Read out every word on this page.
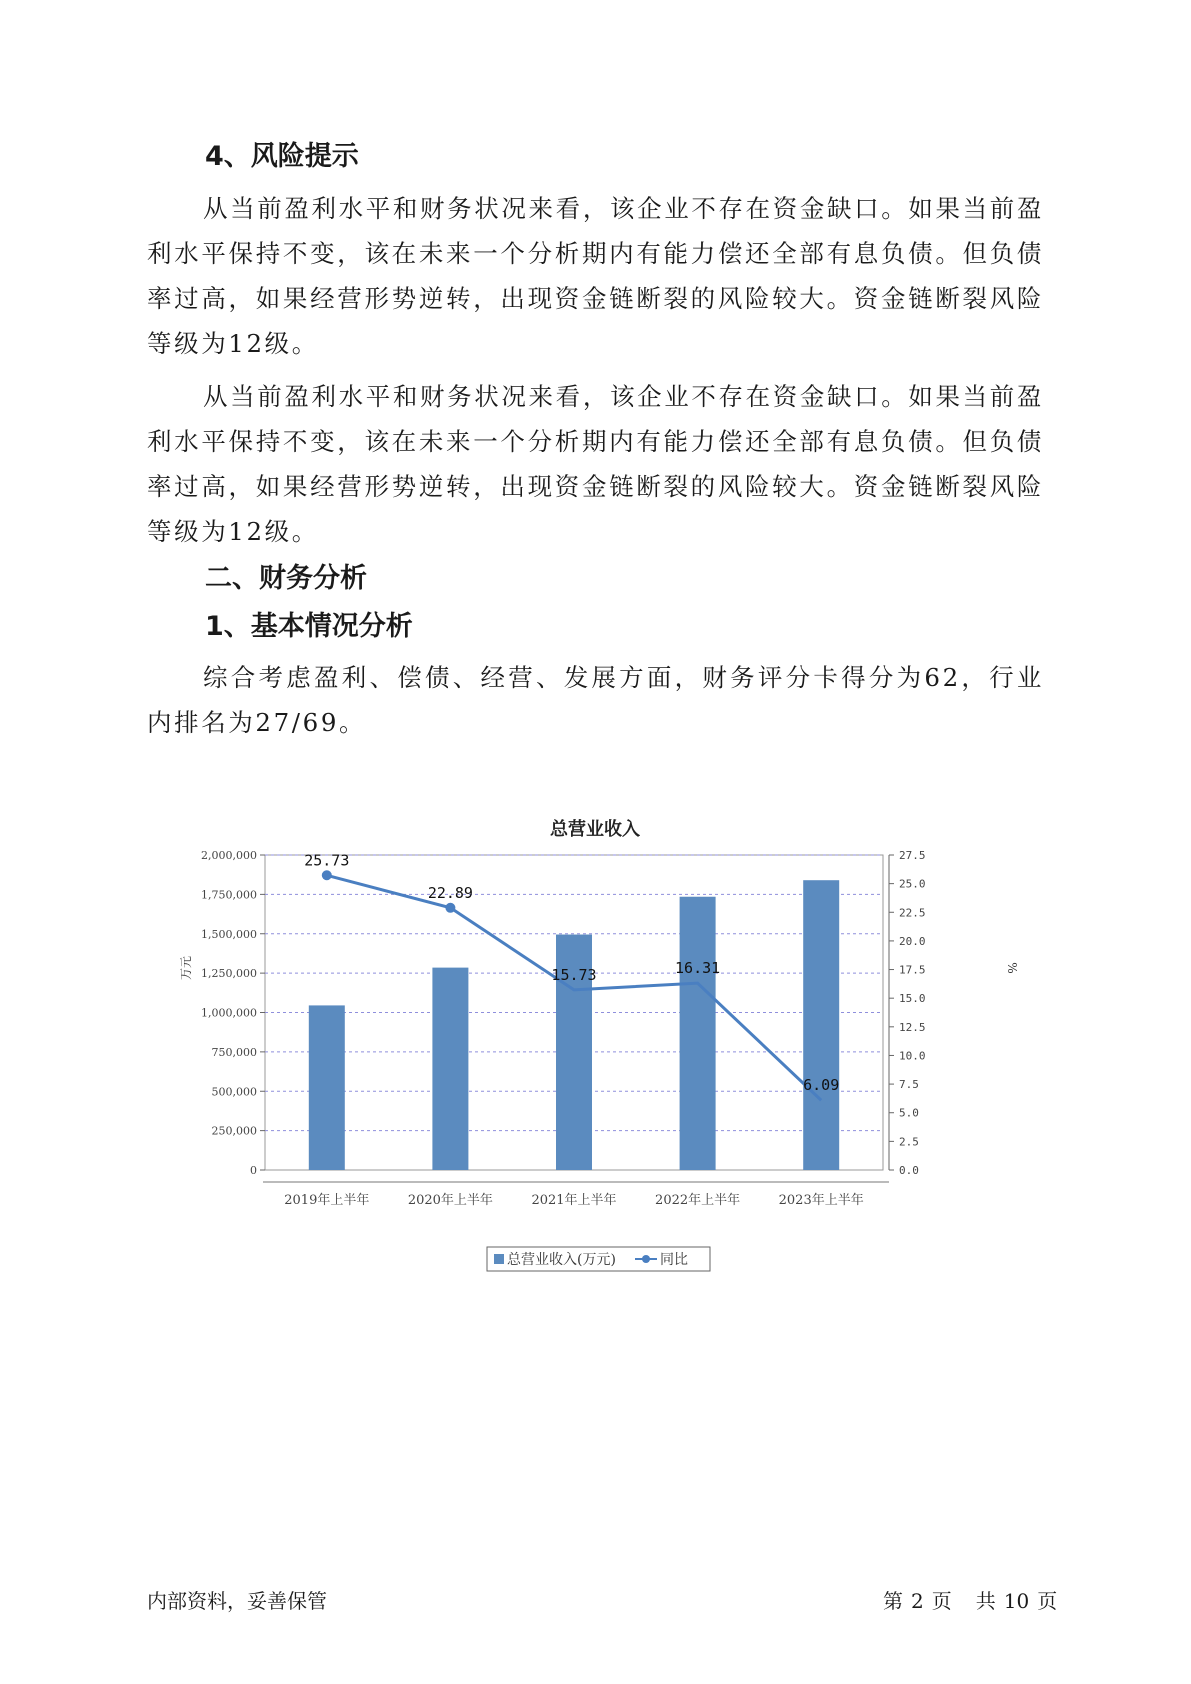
4、风险提示

从当前盈利水平和财务状况来看，该企业不存在资金缺口。如果当前盈利水平保持不变，该在未来一个分析期内有能力偿还全部有息负债。但负债率过高，如果经营形势逆转，出现资金链断裂的风险较大。资金链断裂风险等级为12级。

从当前盈利水平和财务状况来看，该企业不存在资金缺口。如果当前盈利水平保持不变，该在未来一个分析期内有能力偿还全部有息负债。但负债率过高，如果经营形势逆转，出现资金链断裂的风险较大。资金链断裂风险等级为12级。

二、财务分析
1、基本情况分析

综合考虑盈利、偿债、经营、发展方面，财务评分卡得分为62，行业内排名为27/69。

总营业收入
0
250,000
500,000
750,000
1,000,000
1,250,000
1,500,000
1,750,000
2,000,000
0.0
2.5
5.0
7.5
10.0
12.5
15.0
17.5
20.0
22.5
25.0
27.5
2019年上半年	2020年上半年	2021年上半年	2022年上半年	2023年上半年
25.73
22.89
15.73	16.31
6.09
万元	%
总营业收入(万元)	同比
内部资料，妥善保管	第 2 页 共 10 页
